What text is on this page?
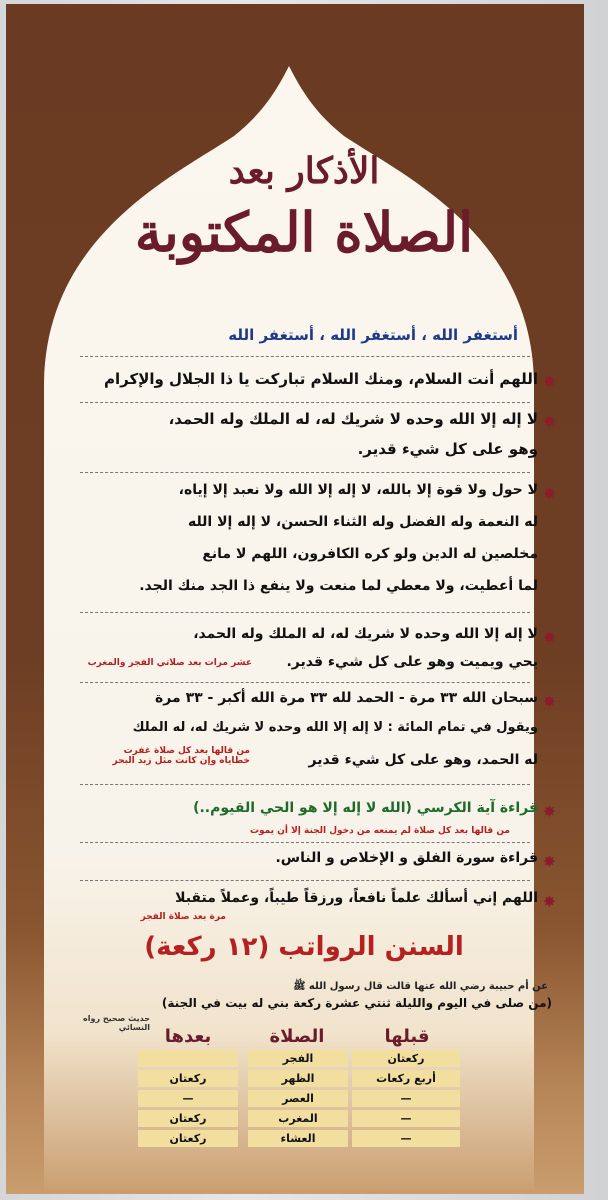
الأذكار بعد
الصلاة المكتوبة
أستغفر الله ، أستغفر الله ، أستغفر الله
✸
اللهم أنت السلام، ومنك السلام تباركت يا ذا الجلال والإكرام
✸
لا إله إلا الله وحده لا شريك له، له الملك وله الحمد،
وهو على كل شيء قدير.
✸
لا حول ولا قوة إلا بالله، لا إله إلا الله ولا نعبد إلا إياه،
له النعمة وله الفضل وله الثناء الحسن، لا إله إلا الله
مخلصين له الدين ولو كره الكافرون، اللهم لا مانع
لما أعطيت، ولا معطي لما منعت ولا ينفع ذا الجد منك الجد.
✸
لا إله إلا الله وحده لا شريك له، له الملك وله الحمد،
يحي ويميت وهو على كل شيء قدير.
عشر مرات بعد صلاتي الفجر والمغرب
✸
سبحان الله ٣٣ مرة - الحمد لله ٣٣ مرة الله أكبر - ٣٣ مرة
ويقول في تمام المائة : لا إله إلا الله وحده لا شريك له، له الملك
له الحمد، وهو على كل شيء قدير
من قالها بعد كل صلاة غفرت خطاياه وإن كانت مثل زبد البحر
✸
قراءة آية الكرسي (الله لا إله إلا هو الحي القيوم..)
من قالها بعد كل صلاة لم يمنعه من دخول الجنة إلا أن يموت
✸
قراءة سورة الفلق و الإخلاص و الناس.
✸
اللهم إني أسألك علماً نافعاً، ورزقاً طيباً، وعملاً متقبلا
مرة بعد صلاة الفجر
السنن الرواتب (١٢ ركعة)
عن أم حبيبة رضي الله عنها قالت قال رسول الله ﷺ
(من صلى في اليوم والليلة ثنتي عشرة ركعة بني له بيت في الجنة)
حديث صحيح رواه النسائي	قبلها
الصلاة
بعدها
ركعتان
الفجر
أربع ركعات
الظهر
ركعتان
—
العصر
—
—
المغرب
ركعتان
—
العشاء
ركعتان
